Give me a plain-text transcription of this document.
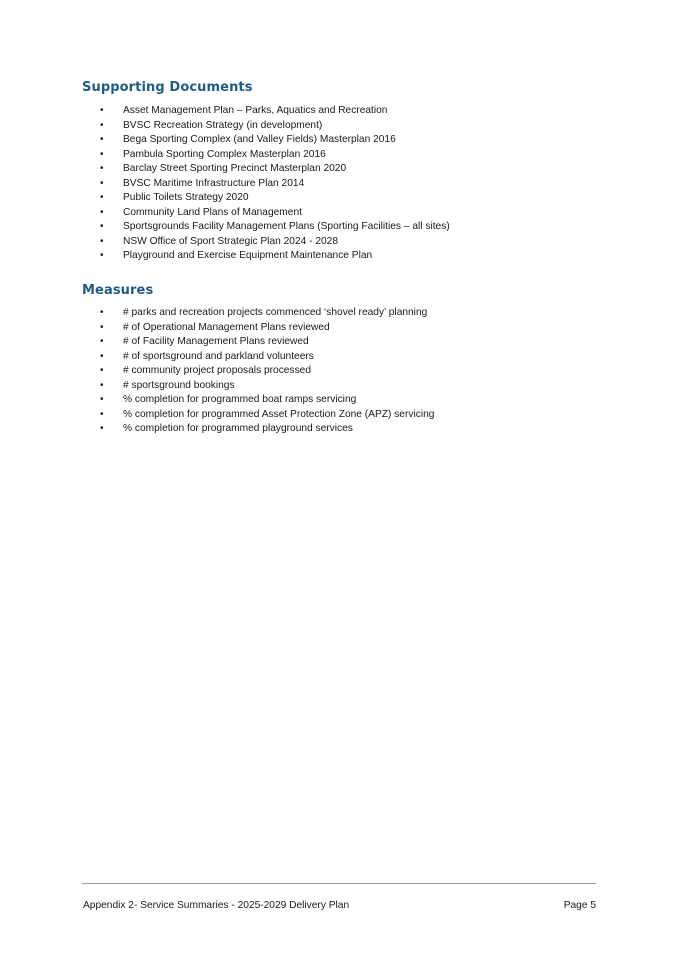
Supporting Documents
• Asset Management Plan – Parks, Aquatics and Recreation
• BVSC Recreation Strategy (in development)
• Bega Sporting Complex (and Valley Fields) Masterplan 2016
• Pambula Sporting Complex Masterplan 2016
• Barclay Street Sporting Precinct Masterplan 2020
• BVSC Maritime Infrastructure Plan 2014
• Public Toilets Strategy 2020
• Community Land Plans of Management
• Sportsgrounds Facility Management Plans (Sporting Facilities – all sites)
• NSW Office of Sport Strategic Plan 2024 - 2028
• Playground and Exercise Equipment Maintenance Plan
Measures
• # parks and recreation projects commenced ‘shovel ready’ planning
• # of Operational Management Plans reviewed
• # of Facility Management Plans reviewed
• # of sportsground and parkland volunteers
• # community project proposals processed
• # sportsground bookings
• % completion for programmed boat ramps servicing
• % completion for programmed Asset Protection Zone (APZ) servicing
• % completion for programmed playground services
Appendix 2- Service Summaries - 2025-2029 Delivery Plan	Page 5
